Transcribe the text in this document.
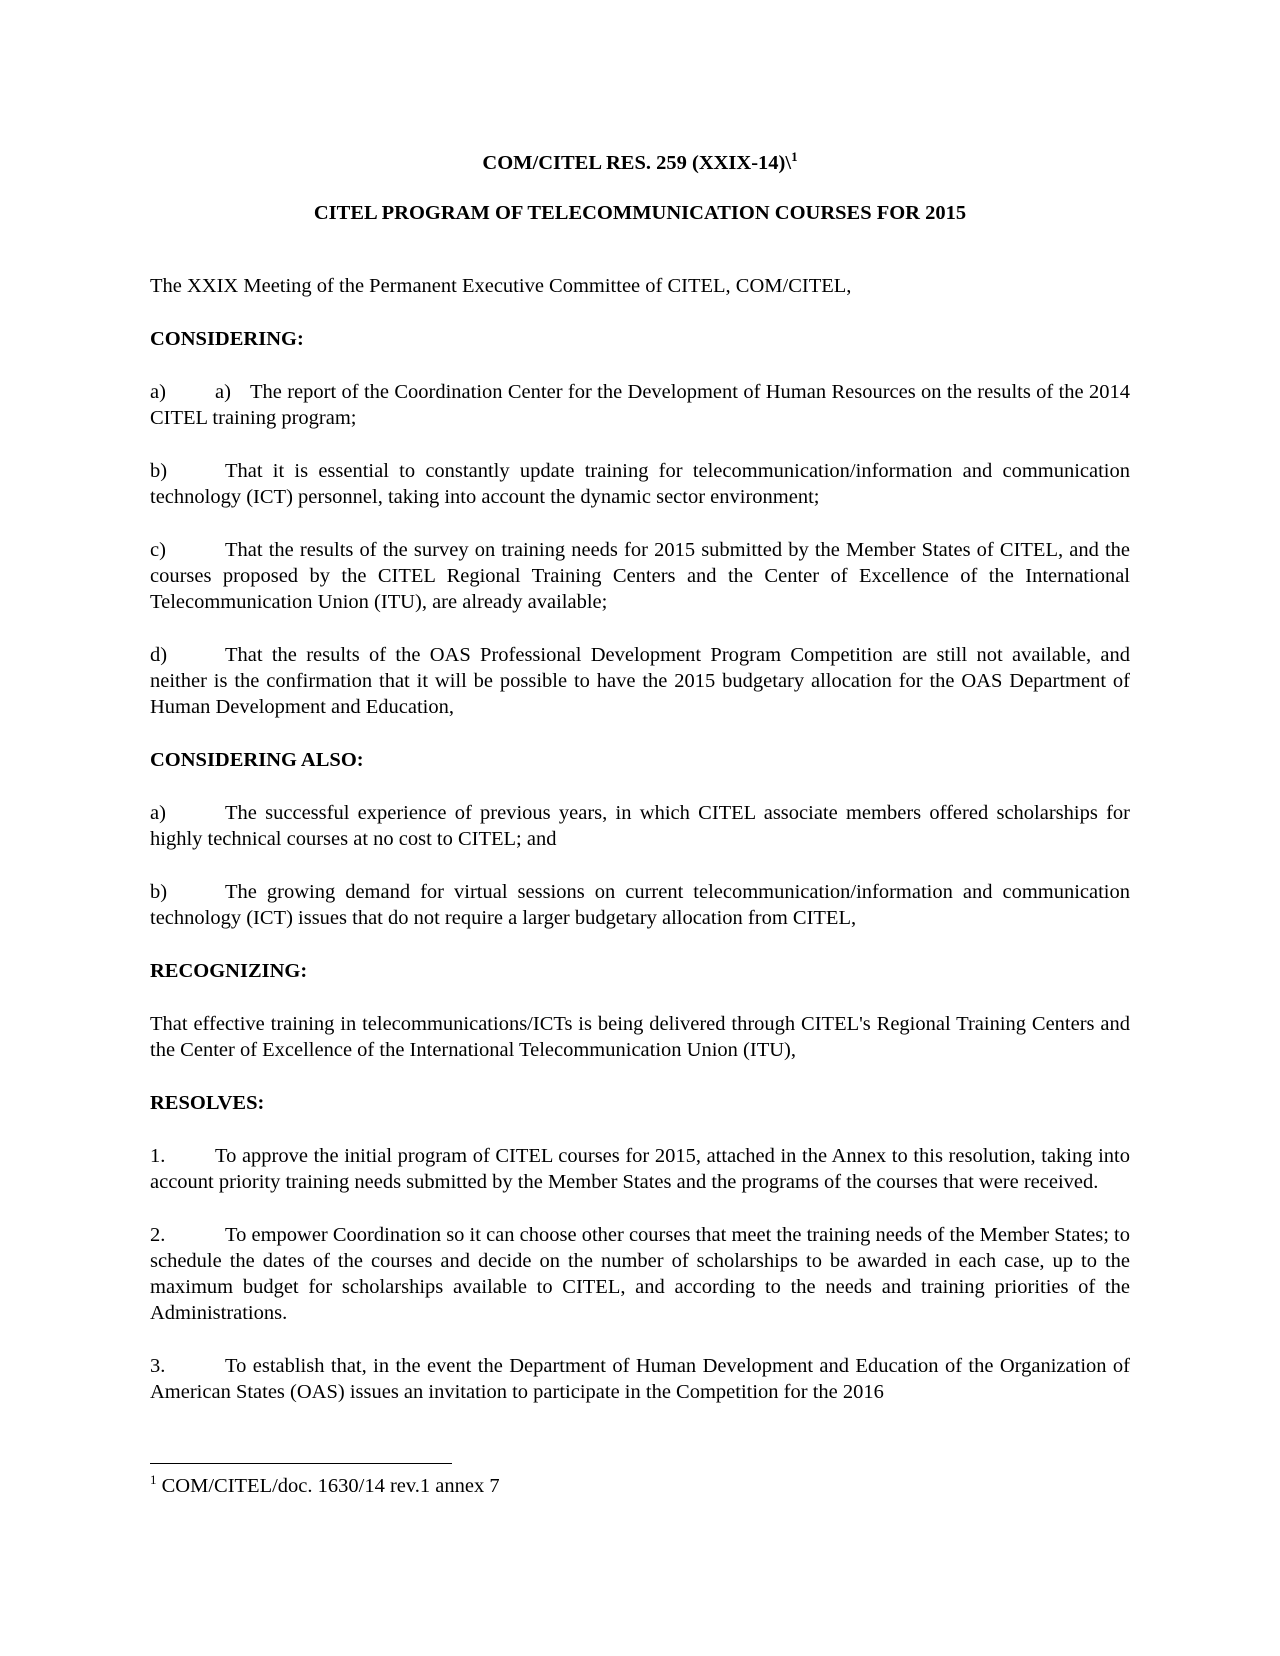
COM/CITEL RES. 259 (XXIX-14)\$^1$

CITEL PROGRAM OF TELECOMMUNICATION COURSES FOR 2015

The XXIX Meeting of the Permanent Executive Committee of CITEL, COM/CITEL,

CONSIDERING:

a) a) The report of the Coordination Center for the Development of Human Resources on the results of the 2014 CITEL training program;

b)	That it is essential to constantly update training for telecommunication/information and communication technology (ICT) personnel, taking into account the dynamic sector environment;

c)	That the results of the survey on training needs for 2015 submitted by the Member States of CITEL, and the courses proposed by the CITEL Regional Training Centers and the Center of Excellence of the International Telecommunication Union (ITU), are already available;

d)	That the results of the OAS Professional Development Program Competition are still not available, and neither is the confirmation that it will be possible to have the 2015 budgetary allocation for the OAS Department of Human Development and Education,

CONSIDERING ALSO:

a)	The successful experience of previous years, in which CITEL associate members offered scholarships for highly technical courses at no cost to CITEL; and

b)	The growing demand for virtual sessions on current telecommunication/information and communication technology (ICT) issues that do not require a larger budgetary allocation from CITEL,

RECOGNIZING:

That effective training in telecommunications/ICTs is being delivered through CITEL's Regional Training Centers and the Center of Excellence of the International Telecommunication Union (ITU),

RESOLVES:

1. To approve the initial program of CITEL courses for 2015, attached in the Annex to this resolution, taking into account priority training needs submitted by the Member States and the programs of the courses that were received.

2.	To empower Coordination so it can choose other courses that meet the training needs of the Member States; to schedule the dates of the courses and decide on the number of scholarships to be awarded in each case, up to the maximum budget for scholarships available to CITEL, and according to the needs and training priorities of the Administrations.

3.	To establish that, in the event the Department of Human Development and Education of the Organization of American States (OAS) issues an invitation to participate in the Competition for the 2016

$^1$ COM/CITEL/doc. 1630/14 rev.1 annex 7
